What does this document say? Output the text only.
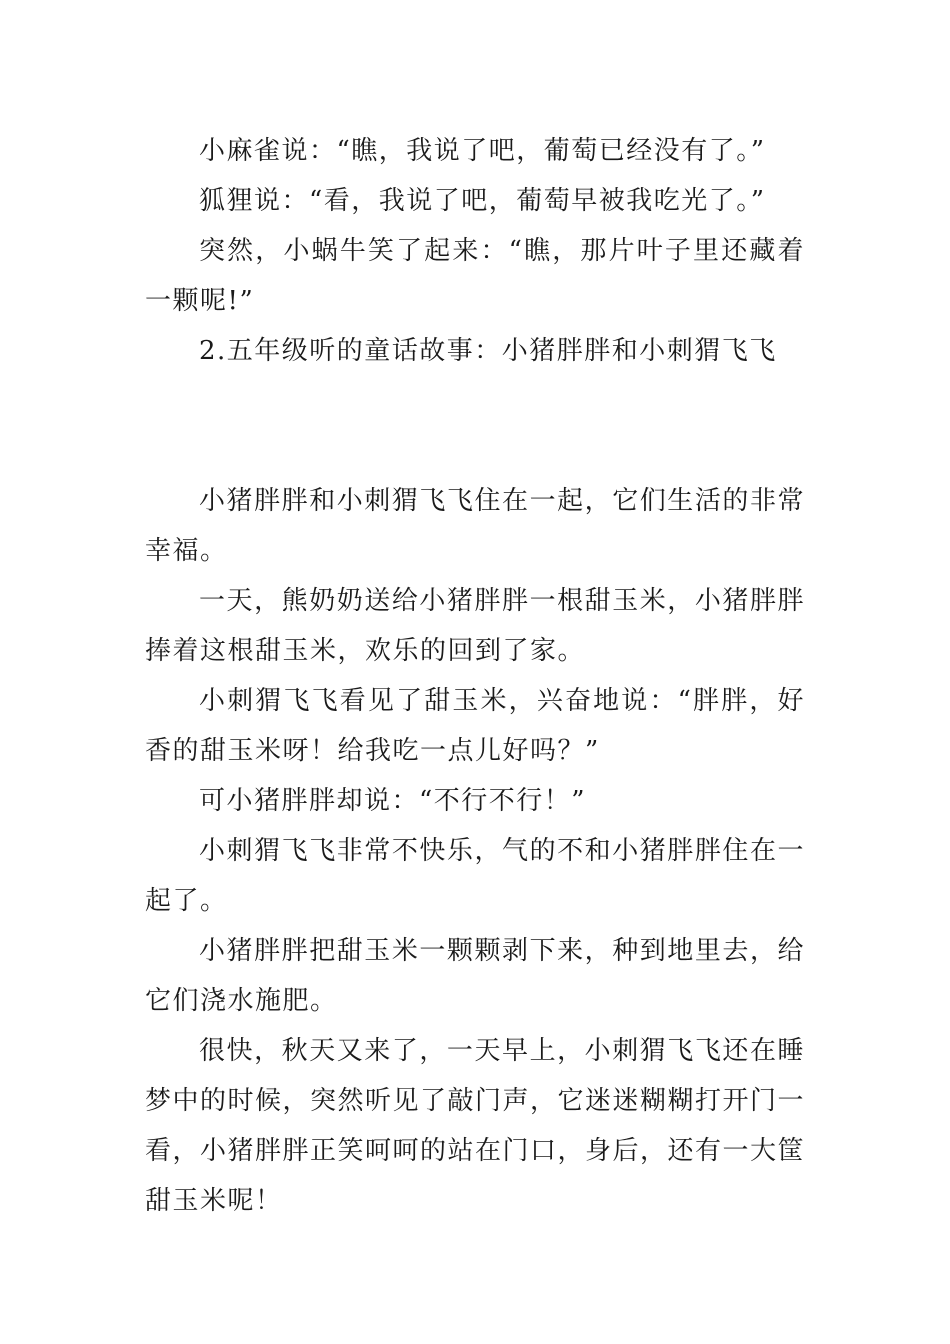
小麻雀说：“瞧，我说了吧，葡萄已经没有了。”

狐狸说：“看，我说了吧，葡萄早被我吃光了。”

突然，小蜗牛笑了起来：“瞧，那片叶子里还藏着一颗呢!”

2.五年级听的童话故事：小猪胖胖和小刺猬飞飞

小猪胖胖和小刺猬飞飞住在一起，它们生活的非常幸福。

一天，熊奶奶送给小猪胖胖一根甜玉米，小猪胖胖捧着这根甜玉米，欢乐的回到了家。

小刺猬飞飞看见了甜玉米，兴奋地说：“胖胖，好香的甜玉米呀！给我吃一点儿好吗？”

可小猪胖胖却说：“不行不行！”

小刺猬飞飞非常不快乐，气的不和小猪胖胖住在一起了。

小猪胖胖把甜玉米一颗颗剥下来，种到地里去，给它们浇水施肥。

很快，秋天又来了，一天早上，小刺猬飞飞还在睡梦中的时候，突然听见了敲门声，它迷迷糊糊打开门一看，小猪胖胖正笑呵呵的站在门口，身后，还有一大筐甜玉米呢！
